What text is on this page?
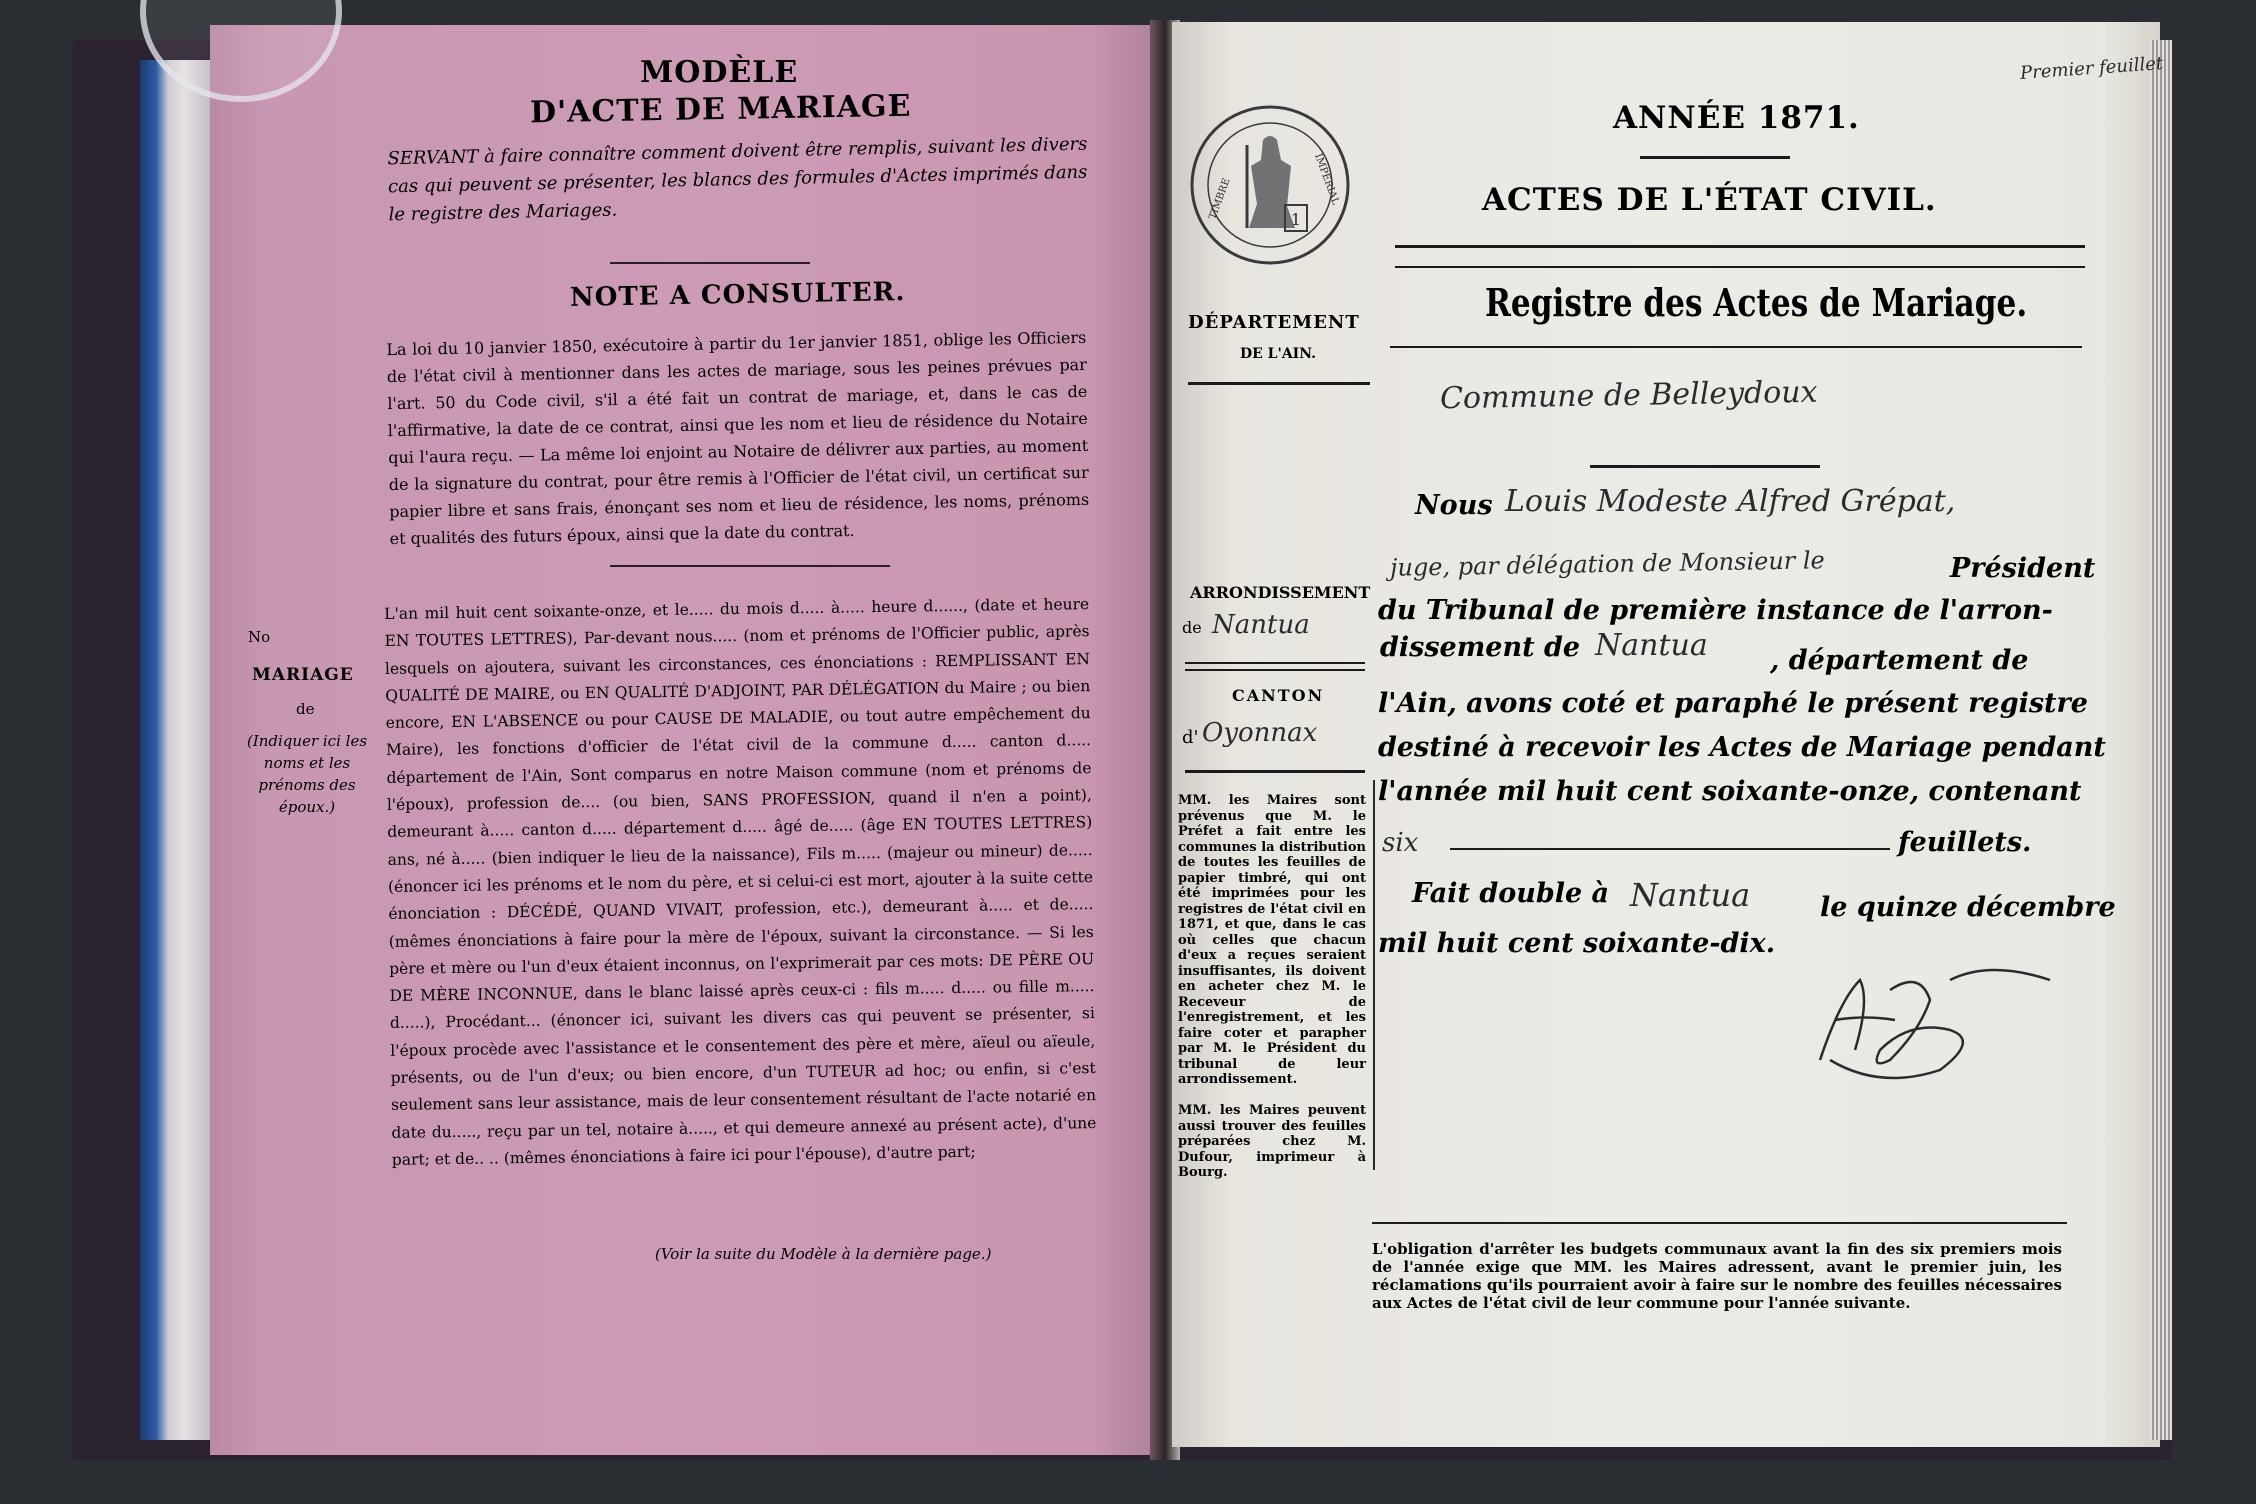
MODÈLE
D'ACTE DE MARIAGE
SERVANT à faire connaître comment doivent être remplis, suivant les divers cas qui peuvent se présenter, les blancs des formules d'Actes imprimés dans le registre des Mariages.
NOTE A CONSULTER.
La loi du 10 janvier 1850, exécutoire à partir du 1er janvier 1851, oblige les Officiers de l'état civil à mentionner dans les actes de mariage, sous les peines prévues par l'art. 50 du Code civil, s'il a été fait un contrat de mariage, et, dans le cas de l'affirmative, la date de ce contrat, ainsi que les nom et lieu de résidence du Notaire qui l'aura reçu. — La même loi enjoint au Notaire de délivrer aux parties, au moment de la signature du contrat, pour être remis à l'Officier de l'état civil, un certificat sur papier libre et sans frais, énonçant ses nom et lieu de résidence, les noms, prénoms et qualités des futurs époux, ainsi que la date du contrat.
No
MARIAGE
de
(Indiquer ici les noms et les prénoms des époux.)
L'an mil huit cent soixante-onze, et le..... du mois d..... à..... heure d......, (date et heure EN TOUTES LETTRES), Par-devant nous..... (nom et prénoms de l'Officier public, après lesquels on ajoutera, suivant les circonstances, ces énonciations : REMPLISSANT EN QUALITÉ DE MAIRE, ou EN QUALITÉ D'ADJOINT, PAR DÉLÉGATION du Maire ; ou bien encore, EN L'ABSENCE ou pour CAUSE DE MALADIE, ou tout autre empêchement du Maire), les fonctions d'officier de l'état civil de la commune d..... canton d..... département de l'Ain, Sont comparus en notre Maison commune (nom et prénoms de l'époux), profession de.... (ou bien, SANS PROFESSION, quand il n'en a point), demeurant à..... canton d..... département d..... âgé de..... (âge EN TOUTES LETTRES) ans, né à..... (bien indiquer le lieu de la naissance), Fils m..... (majeur ou mineur) de..... (énoncer ici les prénoms et le nom du père, et si celui-ci est mort, ajouter à la suite cette énonciation : DÉCÉDÉ, QUAND VIVAIT, profession, etc.), demeurant à..... et de..... (mêmes énonciations à faire pour la mère de l'époux, suivant la circonstance. — Si les père et mère ou l'un d'eux étaient inconnus, on l'exprimerait par ces mots: DE PÈRE OU DE MÈRE INCONNUE, dans le blanc laissé après ceux-ci : fils m..... d..... ou fille m..... d.....), Procédant... (énoncer ici, suivant les divers cas qui peuvent se présenter, si l'époux procède avec l'assistance et le consentement des père et mère, aïeul ou aïeule, présents, ou de l'un d'eux; ou bien encore, d'un TUTEUR ad hoc; ou enfin, si c'est seulement sans leur assistance, mais de leur consentement résultant de l'acte notarié en date du....., reçu par un tel, notaire à....., et qui demeure annexé au présent acte), d'une part; et de.. .. (mêmes énonciations à faire ici pour l'épouse), d'autre part;
(Voir la suite du Modèle à la dernière page.)
1
TIMBRE	IMPERIAL
ANNÉE 1871.
ACTES DE L'ÉTAT CIVIL.
Registre des Actes de Mariage.
Premier feuillet
DÉPARTEMENT
DE L'AIN.
ARRONDISSEMENT
de Nantua
CANTON
d' Oyonnax
MM. les Maires sont prévenus que M. le Préfet a fait entre les communes la distribution de toutes les feuilles de papier timbré, qui ont été imprimées pour les registres de l'état civil en 1871, et que, dans le cas où celles que chacun d'eux a reçues seraient insuffisantes, ils doivent en acheter chez M. le Receveur de l'enregistrement, et les faire coter et parapher par M. le Président du tribunal de leur arrondissement.
MM. les Maires peuvent aussi trouver des feuilles préparées chez M. Dufour, imprimeur à Bourg.
Commune de Belleydoux
Nous Louis Modeste Alfred Grépat,
juge, par délégation de Monsieur le	Président
du Tribunal de première instance de l'arron-
dissement de Nantua , département de
l'Ain, avons coté et paraphé le présent registre
destiné à recevoir les Actes de Mariage pendant
l'année mil huit cent soixante-onze, contenant
six	feuillets.
Fait double à Nantua	le quinze décembre
mil huit cent soixante-dix.
L'obligation d'arrêter les budgets communaux avant la fin des six premiers mois de l'année exige que MM. les Maires adressent, avant le premier juin, les réclamations qu'ils pourraient avoir à faire sur le nombre des feuilles nécessaires aux Actes de l'état civil de leur commune pour l'année suivante.
